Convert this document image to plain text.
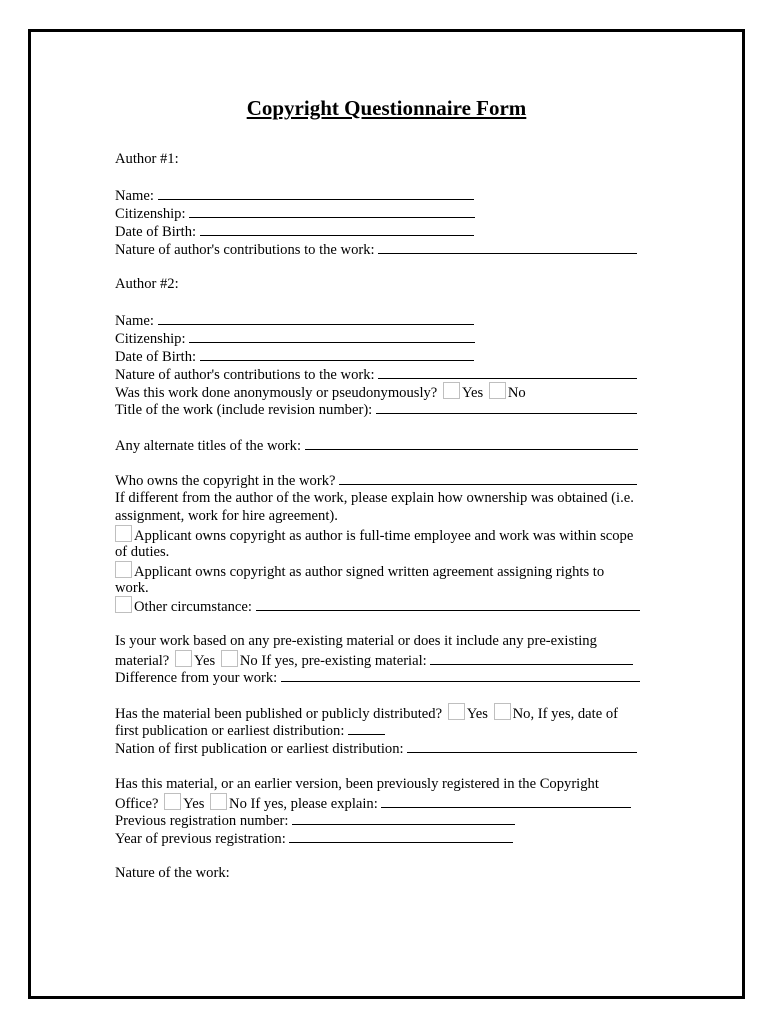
Copyright Questionnaire Form
Author #1:
Name:
Citizenship:
Date of Birth:
Nature of author's contributions to the work:
Author #2:
Name:
Citizenship:
Date of Birth:
Nature of author's contributions to the work:
Was this work done anonymously or pseudonymously? Yes No
Title of the work (include revision number):
Any alternate titles of the work:
Who owns the copyright in the work?
If different from the author of the work, please explain how ownership was obtained (i.e.
assignment, work for hire agreement).
Applicant owns copyright as author is full-time employee and work was within scope
of duties.
Applicant owns copyright as author signed written agreement assigning rights to
work.
Other circumstance:
Is your work based on any pre-existing material or does it include any pre-existing
material? Yes No If yes, pre-existing material:
Difference from your work:
Has the material been published or publicly distributed? Yes No, If yes, date of
first publication or earliest distribution:
Nation of first publication or earliest distribution:
Has this material, or an earlier version, been previously registered in the Copyright
Office? Yes No If yes, please explain:
Previous registration number:
Year of previous registration:
Nature of the work:
